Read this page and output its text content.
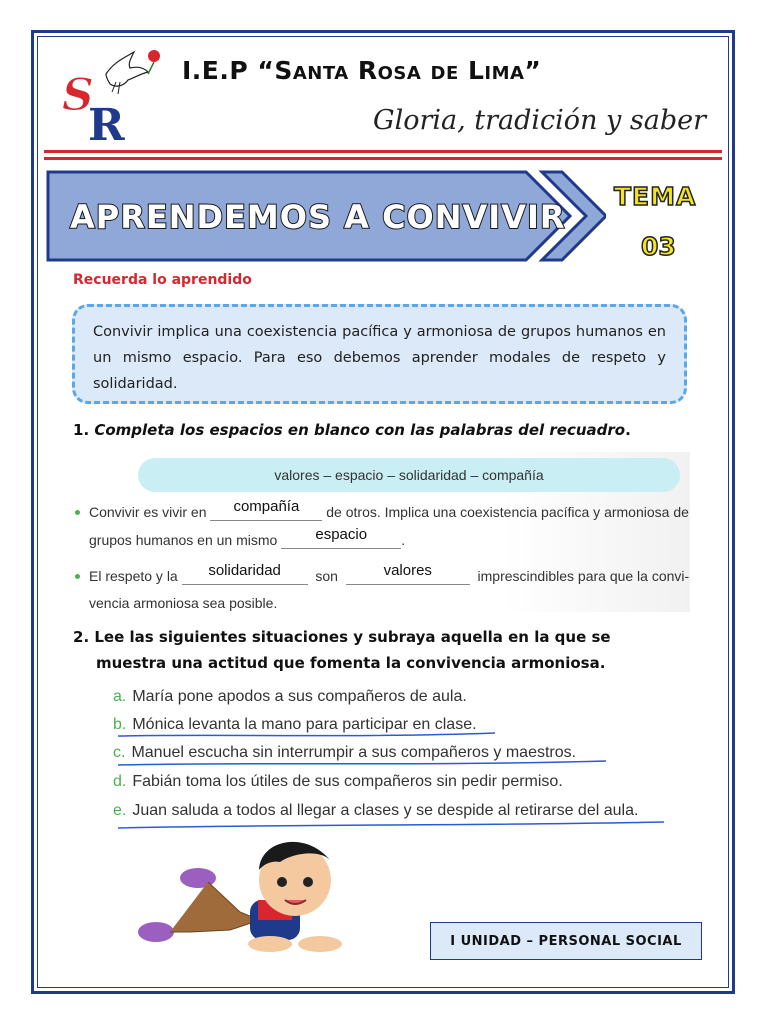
S
R
I.E.P “Santa Rosa de Lima”
Gloria, tradición y saber
APRENDEMOS A CONVIVIR
TEMA
03
Recuerda lo aprendido
Convivir implica una coexistencia pacífica y armoniosa de grupos humanos en un mismo espacio. Para eso debemos aprender modales de respeto y solidaridad.
1. Completa los espacios en blanco con las palabras del recuadro.
valores – espacio – solidaridad – compañía
Convivir es vivir en	compañía	de otros. Implica una coexistencia pacífica y armoniosa de
grupos humanos en un mismo	espacio	.
El respeto y la	solidaridad	son	valores	imprescindibles para que la convi-
vencia armoniosa sea posible.
2. Lee las siguientes situaciones y subraya aquella en la que se
muestra una actitud que fomenta la convivencia armoniosa.
a. María pone apodos a sus compañeros de aula.
b. Mónica levanta la mano para participar en clase.
c. Manuel escucha sin interrumpir a sus compañeros y maestros.
d. Fabián toma los útiles de sus compañeros sin pedir permiso.
e. Juan saluda a todos al llegar a clases y se despide al retirarse del aula.
I UNIDAD – PERSONAL SOCIAL
